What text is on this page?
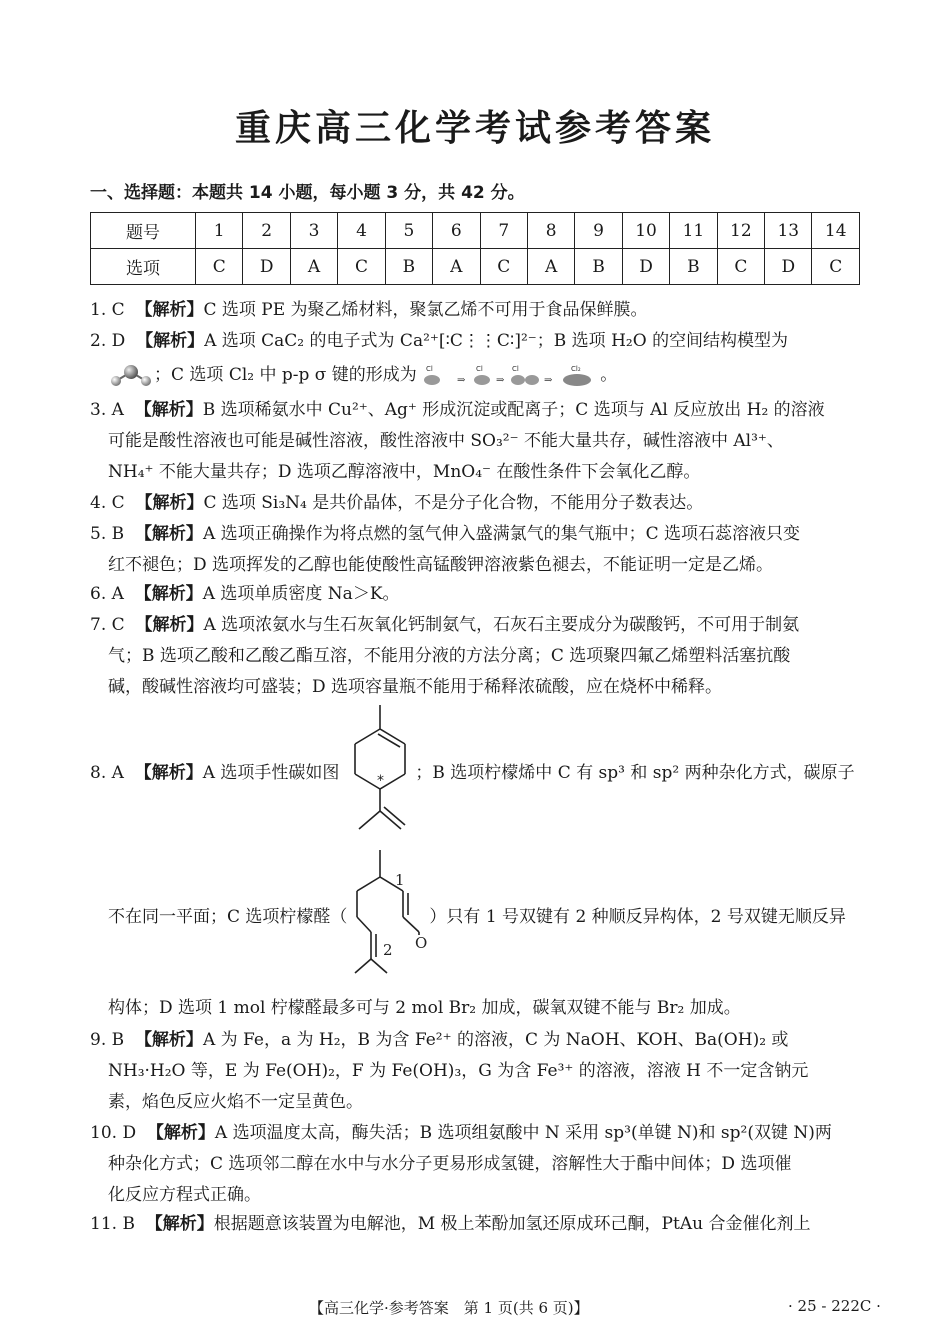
重庆高三化学考试参考答案
一、选择题：本题共 14 小题，每小题 3 分，共 42 分。
题号	1	2	3	4	5	6	7	8	9	10	11	12	13	14
选项	C	D	A	C	B	A	C	A	B	D	B	C	D	C

1. C 【解析】C 选项 PE 为聚乙烯材料，聚氯乙烯不可用于食品保鲜膜。

2. D 【解析】A 选项 CaC₂ 的电子式为 Ca²⁺[∶C⋮⋮C∶]²⁻；B 选项 H₂O 的空间结构模型为

；C 选项 Cl₂ 中 p-p σ 键的形成为 Cl
⇒
Cl
⇒
Cl
⇒
Cl₂ 。

3. A 【解析】B 选项稀氨水中 Cu²⁺、Ag⁺ 形成沉淀或配离子；C 选项与 Al 反应放出 H₂ 的溶液

可能是酸性溶液也可能是碱性溶液，酸性溶液中 SO₃²⁻ 不能大量共存，碱性溶液中 Al³⁺、

NH₄⁺ 不能大量共存；D 选项乙醇溶液中，MnO₄⁻ 在酸性条件下会氧化乙醇。

4. C 【解析】C 选项 Si₃N₄ 是共价晶体，不是分子化合物，不能用分子数表达。

5. B 【解析】A 选项正确操作为将点燃的氢气伸入盛满氯气的集气瓶中；C 选项石蕊溶液只变

红不褪色；D 选项挥发的乙醇也能使酸性高锰酸钾溶液紫色褪去，不能证明一定是乙烯。

6. A 【解析】A 选项单质密度 Na＞K。

7. C 【解析】A 选项浓氨水与生石灰氧化钙制氨气，石灰石主要成分为碳酸钙，不可用于制氨

气；B 选项乙酸和乙酸乙酯互溶，不能用分液的方法分离；C 选项聚四氟乙烯塑料活塞抗酸

碱，酸碱性溶液均可盛装；D 选项容量瓶不能用于稀释浓硫酸，应在烧杯中稀释。

8. A 【解析】A 选项手性碳如图	；B 选项柠檬烯中 C 有 sp³ 和 sp² 两种杂化方式，碳原子

*

不在同一平面；C 选项柠檬醛（	）只有 1 号双键有 2 种顺反异构体，2 号双键无顺反异

1
2 O

构体；D 选项 1 mol 柠檬醛最多可与 2 mol Br₂ 加成，碳氧双键不能与 Br₂ 加成。

9. B 【解析】A 为 Fe，a 为 H₂，B 为含 Fe²⁺ 的溶液，C 为 NaOH、KOH、Ba(OH)₂ 或

NH₃·H₂O 等，E 为 Fe(OH)₂，F 为 Fe(OH)₃，G 为含 Fe³⁺ 的溶液，溶液 H 不一定含钠元

素，焰色反应火焰不一定呈黄色。

10. D 【解析】A 选项温度太高，酶失活；B 选项组氨酸中 N 采用 sp³(单键 N)和 sp²(双键 N)两

种杂化方式；C 选项邻二醇在水中与水分子更易形成氢键，溶解性大于酯中间体；D 选项催

化反应方程式正确。

11. B 【解析】根据题意该装置为电解池，M 极上苯酚加氢还原成环己酮，PtAu 合金催化剂上

【高三化学·参考答案　第 1 页(共 6 页)】	· 25 - 222C ·
